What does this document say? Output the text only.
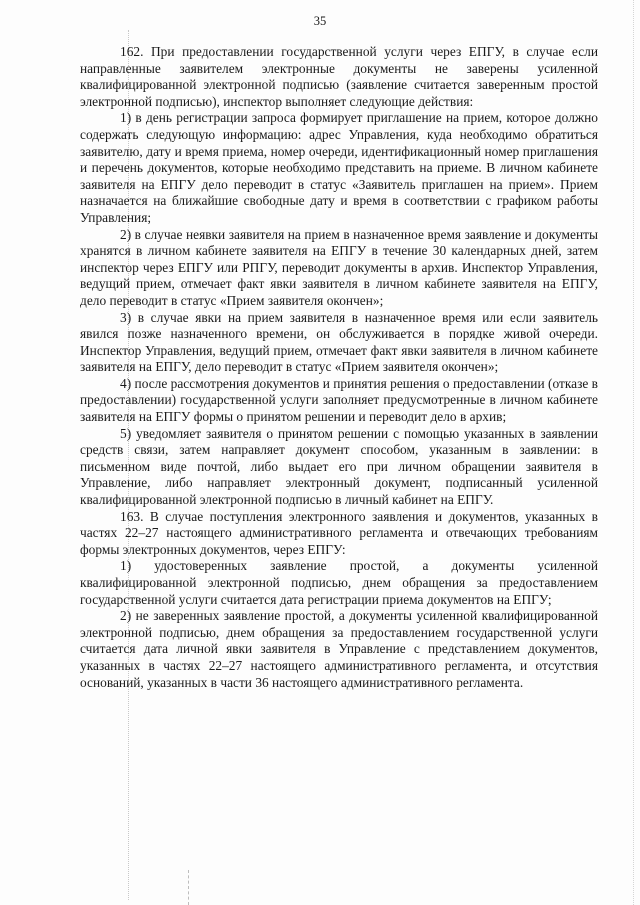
35

162. При предоставлении государственной услуги через ЕПГУ, в случае если направленные заявителем электронные документы не заверены усиленной квалифицированной электронной подписью (заявление считается заверенным простой электронной подписью), инспектор выполняет следующие действия:

1) в день регистрации запроса формирует приглашение на прием, которое должно содержать следующую информацию: адрес Управления, куда необходимо обратиться заявителю, дату и время приема, номер очереди, идентификационный номер приглашения и перечень документов, которые необходимо представить на приеме. В личном кабинете заявителя на ЕПГУ дело переводит в статус «Заявитель приглашен на прием». Прием назначается на ближайшие свободные дату и время в соответствии с графиком работы Управления;

2) в случае неявки заявителя на прием в назначенное время заявление и документы хранятся в личном кабинете заявителя на ЕПГУ в течение 30 календарных дней, затем инспектор через ЕПГУ или РПГУ, переводит документы в архив. Инспектор Управления, ведущий прием, отмечает факт явки заявителя в личном кабинете заявителя на ЕПГУ, дело переводит в статус «Прием заявителя окончен»;

3) в случае явки на прием заявителя в назначенное время или если заявитель явился позже назначенного времени, он обслуживается в порядке живой очереди. Инспектор Управления, ведущий прием, отмечает факт явки заявителя в личном кабинете заявителя на ЕПГУ, дело переводит в статус «Прием заявителя окончен»;

4) после рассмотрения документов и принятия решения о предоставлении (отказе в предоставлении) государственной услуги заполняет предусмотренные в личном кабинете заявителя на ЕПГУ формы о принятом решении и переводит дело в архив;

5) уведомляет заявителя о принятом решении с помощью указанных в заявлении средств связи, затем направляет документ способом, указанным в заявлении: в письменном виде почтой, либо выдает его при личном обращении заявителя в Управление, либо направляет электронный документ, подписанный усиленной квалифицированной электронной подписью в личный кабинет на ЕПГУ.

163. В случае поступления электронного заявления и документов, указанных в частях 22–27 настоящего административного регламента и отвечающих требованиям формы электронных документов, через ЕПГУ:

1) удостоверенных заявление простой, а документы усиленной квалифицированной электронной подписью, днем обращения за предоставлением государственной услуги считается дата регистрации приема документов на ЕПГУ;

2) не заверенных заявление простой, а документы усиленной квалифицированной электронной подписью, днем обращения за предоставлением государственной услуги считается дата личной явки заявителя в Управление с представлением документов, указанных в частях 22–27 настоящего административного регламента, и отсутствия оснований, указанных в части 36 настоящего административного регламента.
